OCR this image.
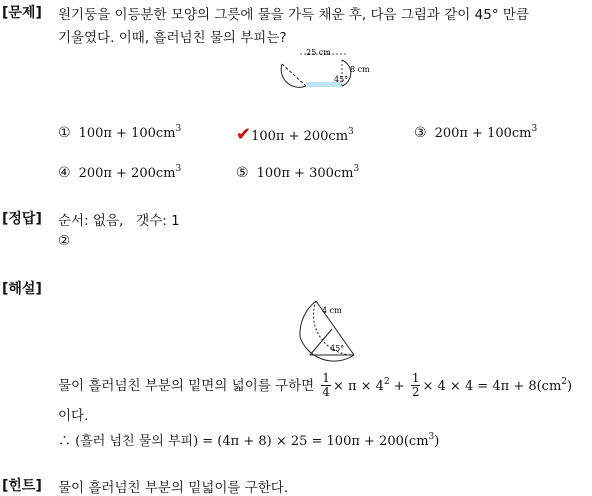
[문제] 원기둥을 이등분한 모양의 그릇에 물을 가득 채운 후, 다음 그림과 같이 45° 만큼
기울였다. 이때, 흘러넘친 물의 부피는?
25 cm
8 cm
45°
① $100\pi + 100cm^3$	✔100π + $200cm^3$	③ $200\pi + 100cm^3$
④ $200\pi + 200cm^3$	⑤ $100\pi + 300cm^3$
[정답] 순서: 없음,   갯수: 1
②
[해설]
4 cm
45°
물이 흘러넘친 부분의 밑면의 넓이를 구하면 $\frac{1}{4} \times \pi \times 4^2 + \frac{1}{2} \times 4 \times 4 = 4\pi + 8(cm^2)$
이다.
∴ (흘러 넘친 물의 부피) = $(4\pi + 8) \times 25 = 100\pi + 200(cm^3)$
[힌트] 물이 흘러넘친 부분의 밑넓이를 구한다.
